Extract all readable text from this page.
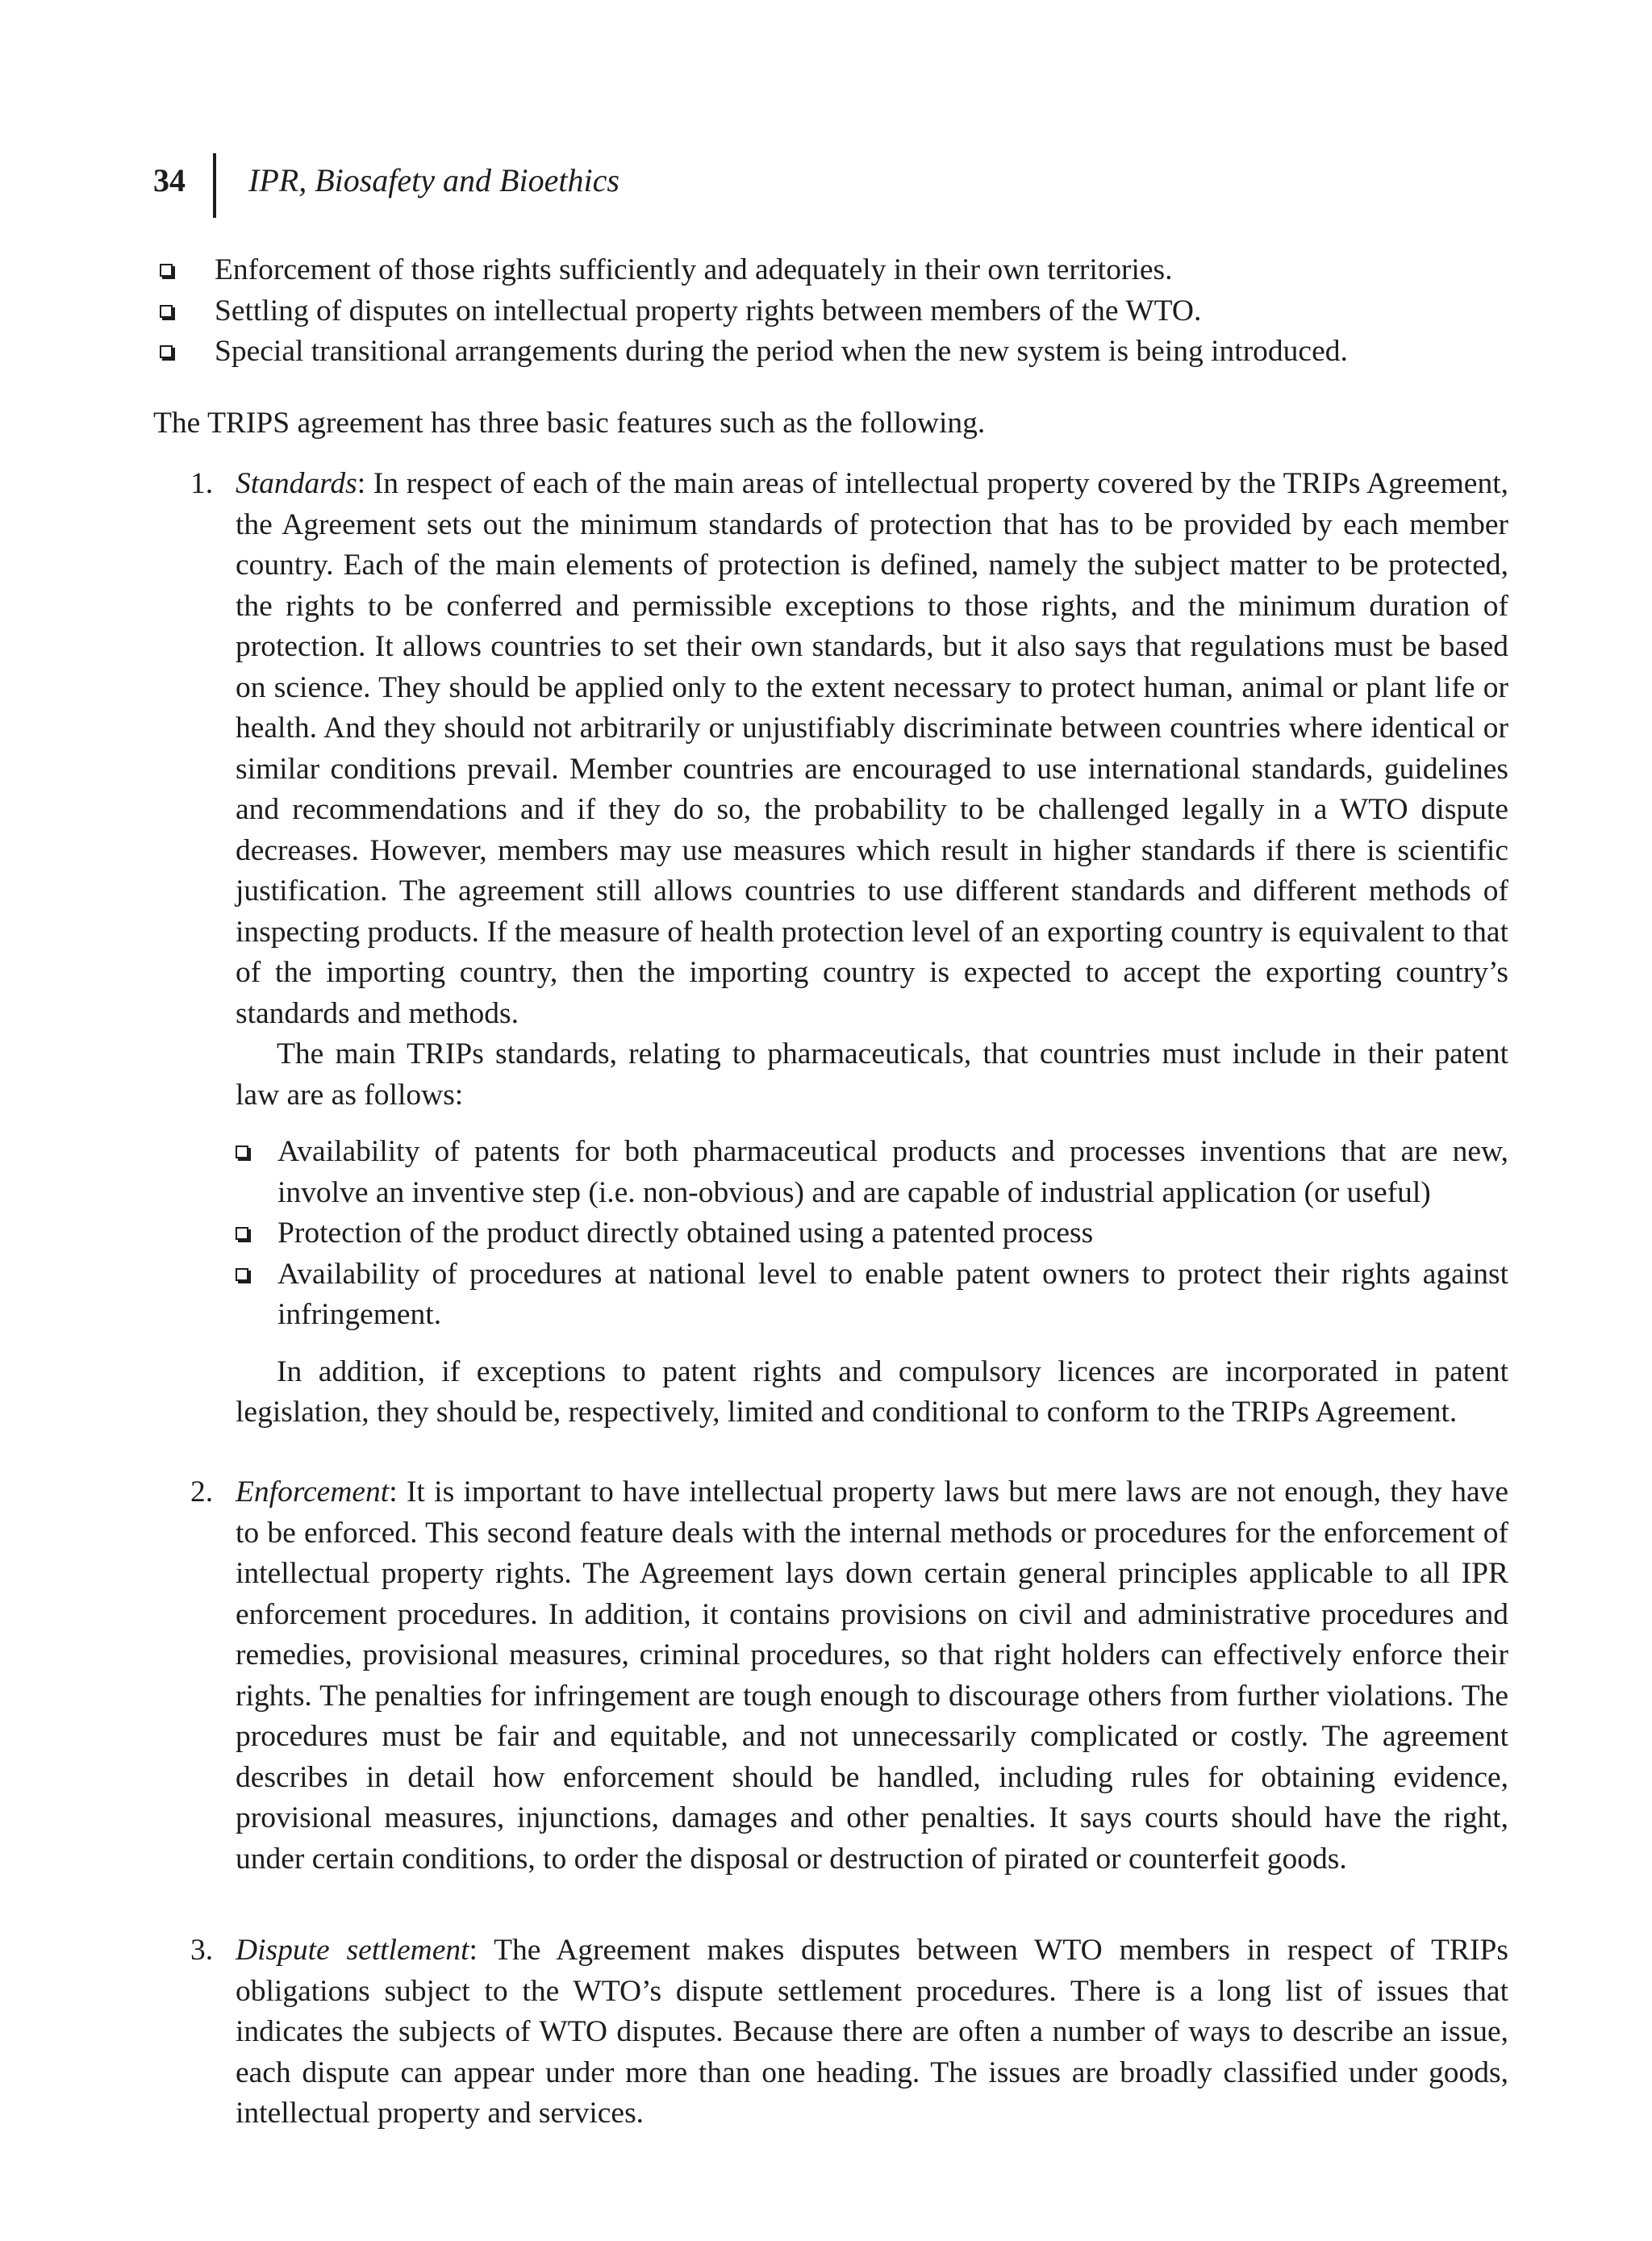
34 IPR, Biosafety and Bioethics
Enforcement of those rights sufficiently and adequately in their own territories.
Settling of disputes on intellectual property rights between members of the WTO.
Special transitional arrangements during the period when the new system is being introduced.

The TRIPS agreement has three basic features such as the following.

1. Standards: In respect of each of the main areas of intellectual property covered by the TRIPs Agreement, the Agreement sets out the minimum standards of protection that has to be provided by each member country. Each of the main elements of protection is defined, namely the subject matter to be protected, the rights to be conferred and permissible exceptions to those rights, and the minimum duration of protection. It allows countries to set their own standards, but it also says that regulations must be based on science. They should be applied only to the extent necessary to protect human, animal or plant life or health. And they should not arbitrarily or unjustifiably discriminate between countries where identical or similar conditions prevail. Member countries are encouraged to use international standards, guidelines and recommendations and if they do so, the probability to be challenged legally in a WTO dispute decreases. However, members may use measures which result in higher standards if there is scientific justification. The agreement still allows countries to use different standards and different methods of inspecting products. If the measure of health protection level of an exporting country is equivalent to that of the importing country, then the importing country is expected to accept the exporting country’s standards and methods.

The main TRIPs standards, relating to pharmaceuticals, that countries must include in their patent law are as follows:

Availability of patents for both pharmaceutical products and processes inventions that are new, involve an inventive step (i.e. non-obvious) and are capable of industrial application (or useful)
Protection of the product directly obtained using a patented process
Availability of procedures at national level to enable patent owners to protect their rights against infringement.

In addition, if exceptions to patent rights and compulsory licences are incorporated in patent legislation, they should be, respectively, limited and conditional to conform to the TRIPs Agreement.

2. Enforcement: It is important to have intellectual property laws but mere laws are not enough, they have to be enforced. This second feature deals with the internal methods or procedures for the enforcement of intellectual property rights. The Agreement lays down certain general principles applicable to all IPR enforcement procedures. In addition, it contains provisions on civil and administrative procedures and remedies, provisional measures, criminal procedures, so that right holders can effectively enforce their rights. The penalties for infringement are tough enough to discourage others from further violations. The procedures must be fair and equitable, and not unnecessarily complicated or costly. The agreement describes in detail how enforcement should be handled, including rules for obtaining evidence, provisional measures, injunctions, damages and other penalties. It says courts should have the right, under certain conditions, to order the disposal or destruction of pirated or counterfeit goods.

3. Dispute settlement: The Agreement makes disputes between WTO members in respect of TRIPs obligations subject to the WTO’s dispute settlement procedures. There is a long list of issues that indicates the subjects of WTO disputes. Because there are often a number of ways to describe an issue, each dispute can appear under more than one heading. The issues are broadly classified under goods, intellectual property and services.
